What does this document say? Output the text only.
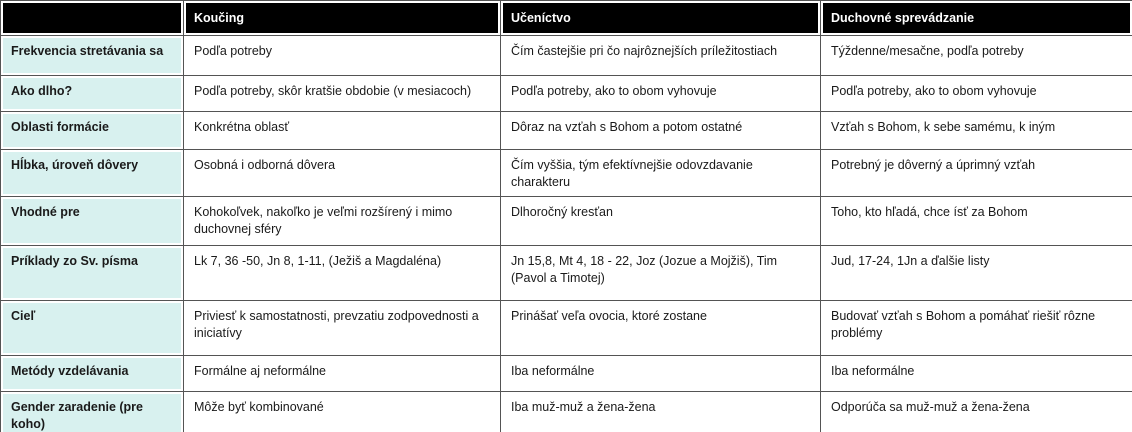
	Koučing	Učeníctvo	Duchovné sprevádzanie
Frekvencia stretávania sa	Podľa potreby	Čím častejšie pri čo najrôznejších príležitostiach	Týždenne/mesačne, podľa potreby
Ako dlho?	Podľa potreby, skôr kratšie obdobie (v mesiacoch)	Podľa potreby, ako to obom vyhovuje	Podľa potreby, ako to obom vyhovuje
Oblasti formácie	Konkrétna oblasť	Dôraz na vzťah s Bohom a potom ostatné	Vzťah s Bohom, k sebe samému, k iným
Hĺbka, úroveň dôvery	Osobná i odborná dôvera	Čím vyššia, tým efektívnejšie odovzdavanie charakteru	Potrebný je dôverný a úprimný vzťah
Vhodné pre	Kohokoľvek, nakoľko je veľmi rozšírený i mimo duchovnej sféry	Dlhoročný kresťan	Toho, kto hľadá, chce ísť za Bohom
Príklady zo Sv. písma	Lk 7, 36 -50, Jn 8, 1-11, (Ježiš a Magdaléna)	Jn 15,8, Mt 4, 18 - 22, Joz (Jozue a Mojžiš), Tim (Pavol a Timotej)	Jud, 17-24, 1Jn a ďalšie listy
Cieľ	Priviesť k samostatnosti, prevzatiu zodpovednosti a iniciatívy	Prinášať veľa ovocia, ktoré zostane	Budovať vzťah s Bohom a pomáhať riešiť rôzne problémy
Metódy vzdelávania	Formálne aj neformálne	Iba neformálne	Iba neformálne
Gender zaradenie (pre koho)	Môže byť kombinované	Iba muž-muž a žena-žena	Odporúča sa muž-muž a žena-žena
